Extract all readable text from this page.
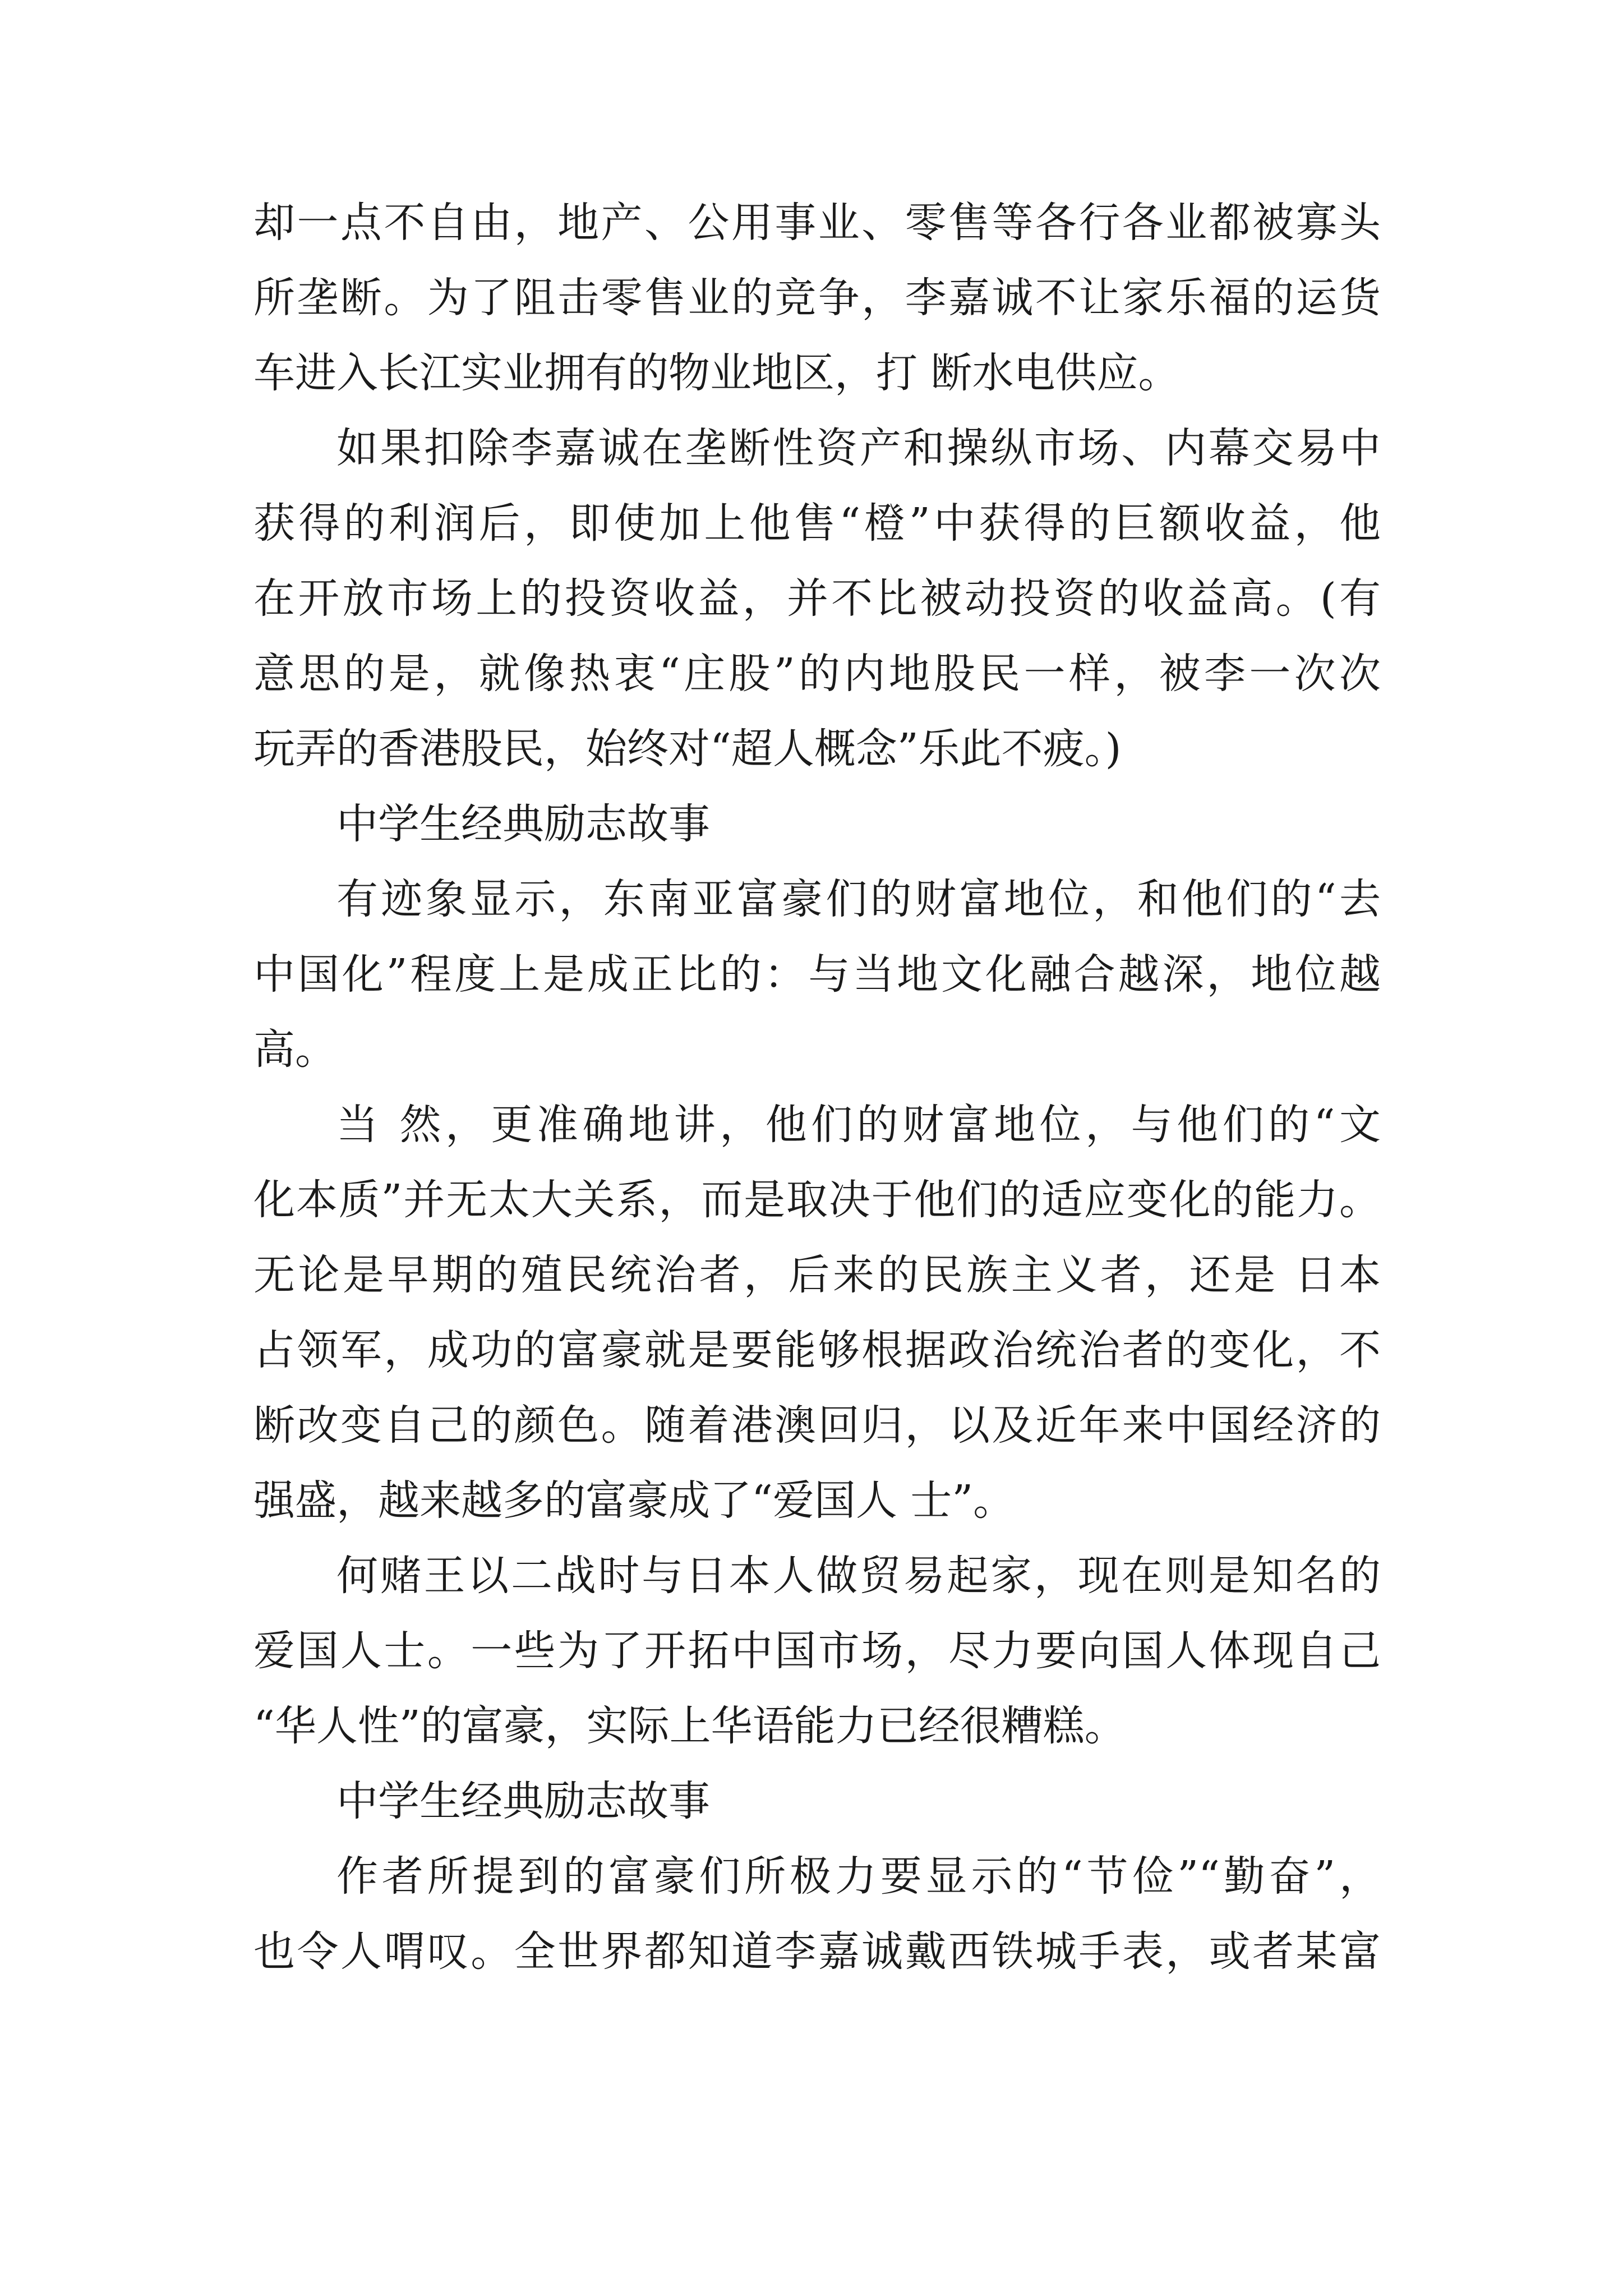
却一点不自由，地产、公用事业、零售等各行各业都被寡头
所垄断。为了阻击零售业的竞争，李嘉诚不让家乐福的运货
车进入长江实业拥有的物业地区，打 断水电供应。
如果扣除李嘉诚在垄断性资产和操纵市场、内幕交易中
获得的利润后，即使加上他售“橙”中获得的巨额收益，他
在开放市场上的投资收益，并不比被动投资的收益高。(有
意思的是，就像热衷“庄股”的内地股民一样，被李一次次
玩弄的香港股民，始终对“超人概念”乐此不疲。)
中学生经典励志故事
有迹象显示，东南亚富豪们的财富地位，和他们的“去
中国化”程度上是成正比的：与当地文化融合越深，地位越
高。
当 然，更准确地讲，他们的财富地位，与他们的“文
化本质”并无太大关系，而是取决于他们的适应变化的能力。
无论是早期的殖民统治者，后来的民族主义者，还是 日本
占领军，成功的富豪就是要能够根据政治统治者的变化，不
断改变自己的颜色。随着港澳回归，以及近年来中国经济的
强盛，越来越多的富豪成了“爱国人 士”。
何赌王以二战时与日本人做贸易起家，现在则是知名的
爱国人士。一些为了开拓中国市场，尽力要向国人体现自己
“华人性”的富豪，实际上华语能力已经很糟糕。
中学生经典励志故事
作者所提到的富豪们所极力要显示的“节俭”“勤奋”，
也令人喟叹。全世界都知道李嘉诚戴西铁城手表，或者某富
